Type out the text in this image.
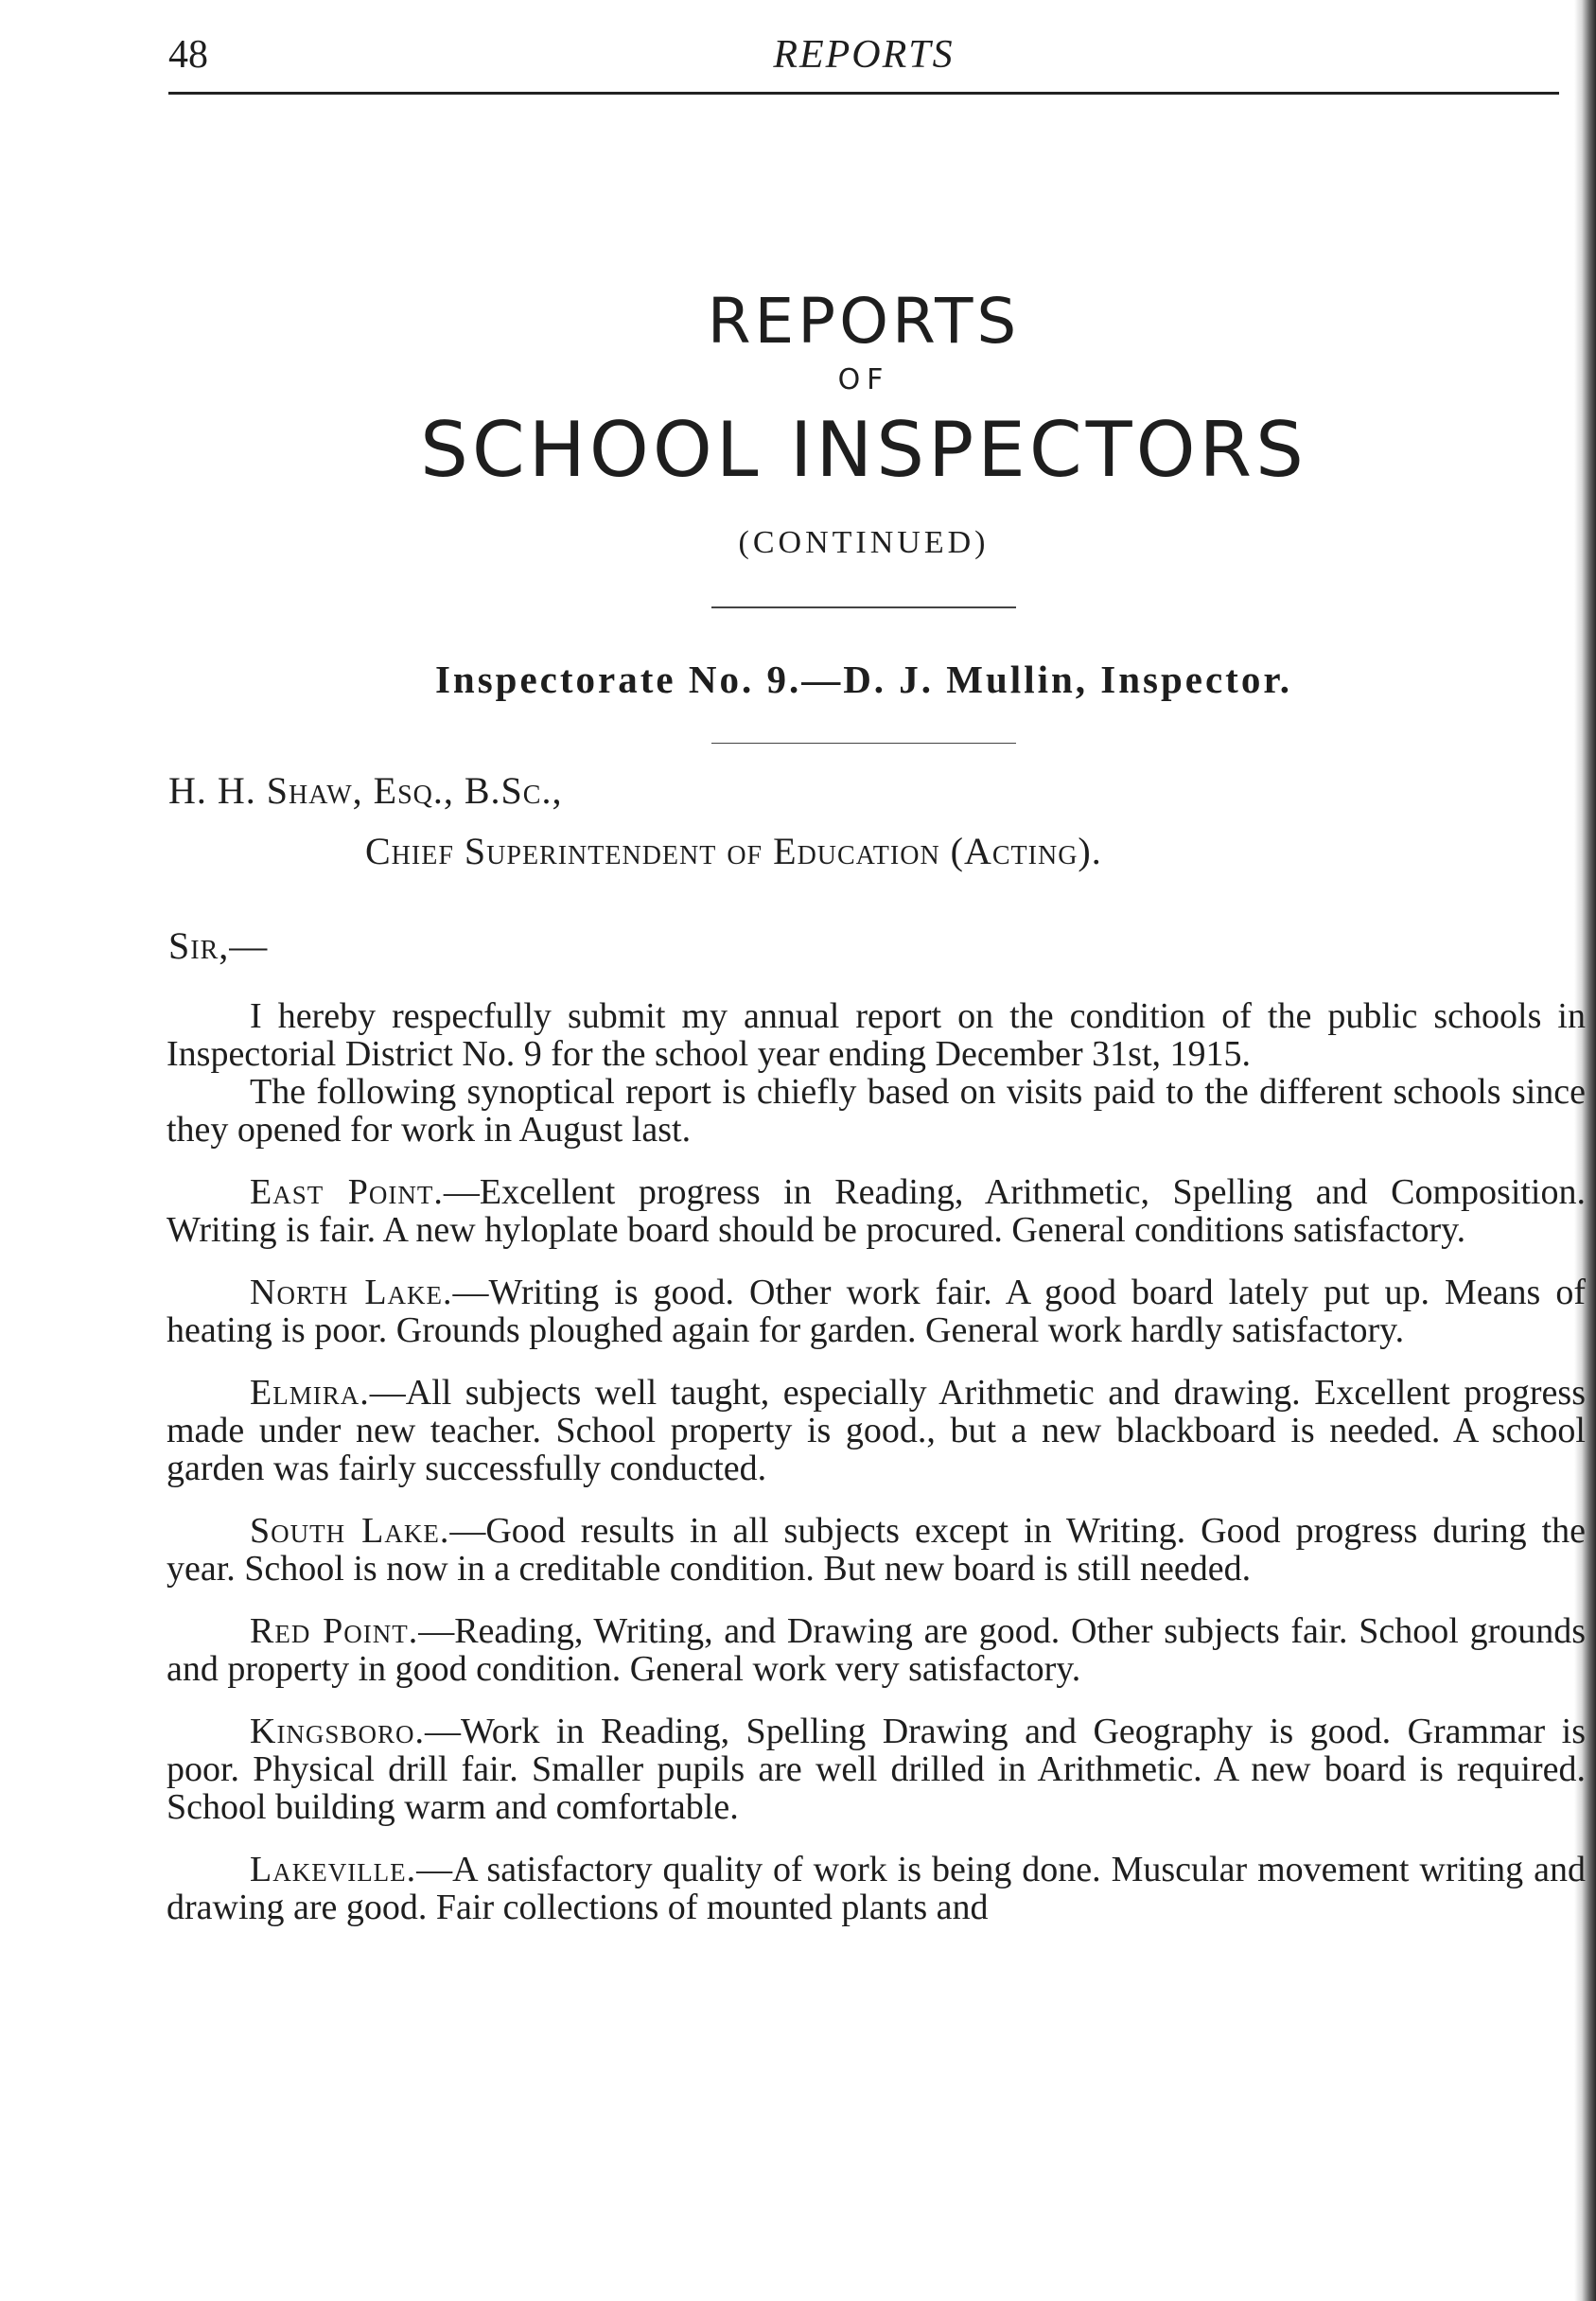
48	REPORTS
REPORTS
OF
SCHOOL INSPECTORS
(CONTINUED)
Inspectorate No. 9.—D. J. Mullin, Inspector.
H. H. Shaw, Esq., B.Sc.,
Chief Superintendent of Education (Acting).
Sir,—

I hereby respecfully submit my annual report on the condition of the public schools in Inspectorial District No. 9 for the school year ending December 31st, 1915.

The following synoptical report is chiefly based on visits paid to the different schools since they opened for work in August last.

East Point.—Excellent progress in Reading, Arithmetic, Spelling and Composition. Writing is fair. A new hyloplate board should be procured. General conditions satisfactory.

North Lake.—Writing is good. Other work fair. A good board lately put up. Means of heating is poor. Grounds ploughed again for garden. General work hardly satisfactory.

Elmira.—All subjects well taught, especially Arithmetic and drawing. Excellent progress made under new teacher. School property is good., but a new blackboard is needed. A school garden was fairly successfully conducted.

South Lake.—Good results in all subjects except in Writing. Good progress during the year. School is now in a creditable condition. But new board is still needed.

Red Point.—Reading, Writing, and Drawing are good. Other subjects fair. School grounds and property in good condition. General work very satisfactory.

Kingsboro.—Work in Reading, Spelling Drawing and Geography is good. Grammar is poor. Physical drill fair. Smaller pupils are well drilled in Arithmetic. A new board is required. School building warm and comfortable.

Lakeville.—A satisfactory quality of work is being done. Muscular movement writing and drawing are good. Fair collections of mounted plants and
